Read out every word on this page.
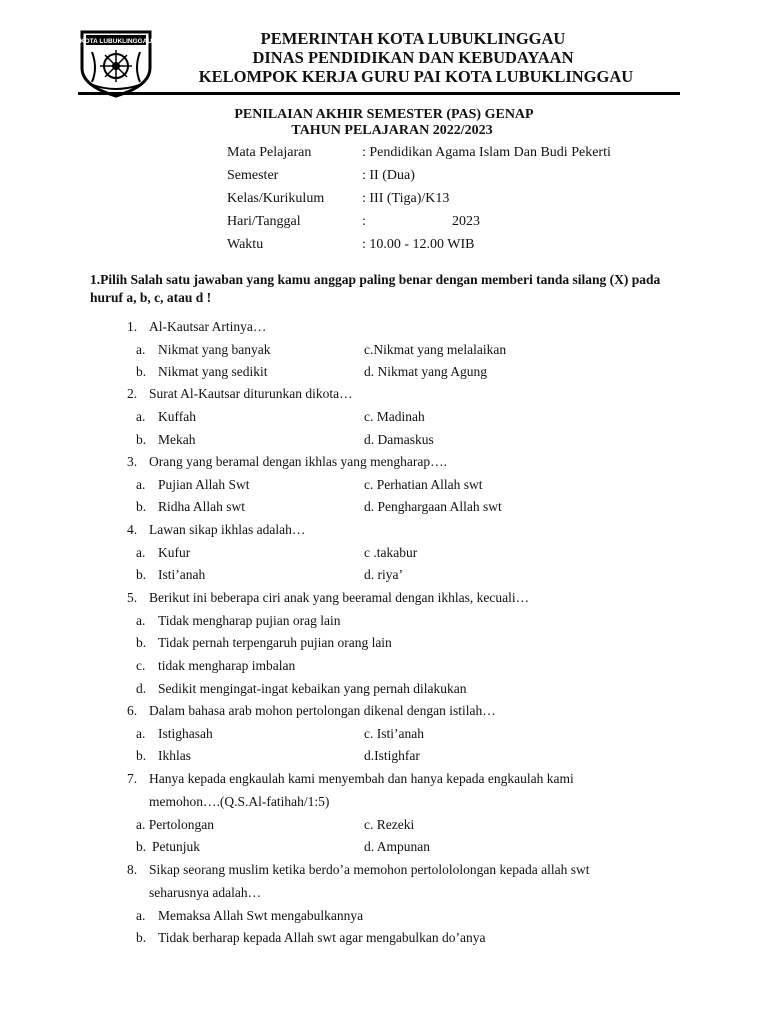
KOTA LUBUKLINGGAU	PEMERINTAH KOTA LUBUKLINGGAU
DINAS PENDIDIKAN DAN KEBUDAYAAN
KELOMPOK KERJA GURU PAI KOTA LUBUKLINGGAU
PENILAIAN AKHIR SEMESTER (PAS) GENAP
TAHUN PELAJARAN 2022/2023
Mata Pelajaran	: Pendidikan Agama Islam Dan Budi Pekerti
Semester	: II (Dua)
Kelas/Kurikulum	: III (Tiga)/K13
Hari/Tanggal	:	2023
Waktu	: 10.00 - 12.00 WIB
1.Pilih Salah satu jawaban yang kamu anggap paling benar dengan memberi tanda silang (X) pada huruf a, b, c, atau d !
1. Al-Kautsar Artinya…
a. Nikmat yang banyak	c.Nikmat yang melalaikan
b. Nikmat yang sedikit	d. Nikmat yang Agung
2. Surat Al-Kautsar diturunkan dikota…
a. Kuffah	c. Madinah
b. Mekah	d. Damaskus
3. Orang yang beramal dengan ikhlas yang mengharap….
a. Pujian Allah Swt	c. Perhatian Allah swt
b. Ridha Allah swt	d. Penghargaan Allah swt
4. Lawan sikap ikhlas adalah…
a. Kufur	c .takabur
b. Isti’anah	d. riya’
5. Berikut ini beberapa ciri anak yang beeramal dengan ikhlas, kecuali…
a. Tidak mengharap pujian orag lain
b. Tidak pernah terpengaruh pujian orang lain
c. tidak mengharap imbalan
d. Sedikit mengingat-ingat kebaikan yang pernah dilakukan
6. Dalam bahasa arab mohon pertolongan dikenal dengan istilah…
a. Istighasah	c. Isti’anah
b. Ikhlas	d.Istighfar
7. Hanya kepada engkaulah kami menyembah dan hanya kepada engkaulah kami
memohon….(Q.S.Al-fatihah/1:5)
a. Pertolongan	c. Rezeki
b. Petunjuk	d. Ampunan
8. Sikap seorang muslim ketika berdo’a memohon pertolololongan kepada allah swt
seharusnya adalah…
a. Memaksa Allah Swt mengabulkannya
b. Tidak berharap kepada Allah swt agar mengabulkan do’anya
